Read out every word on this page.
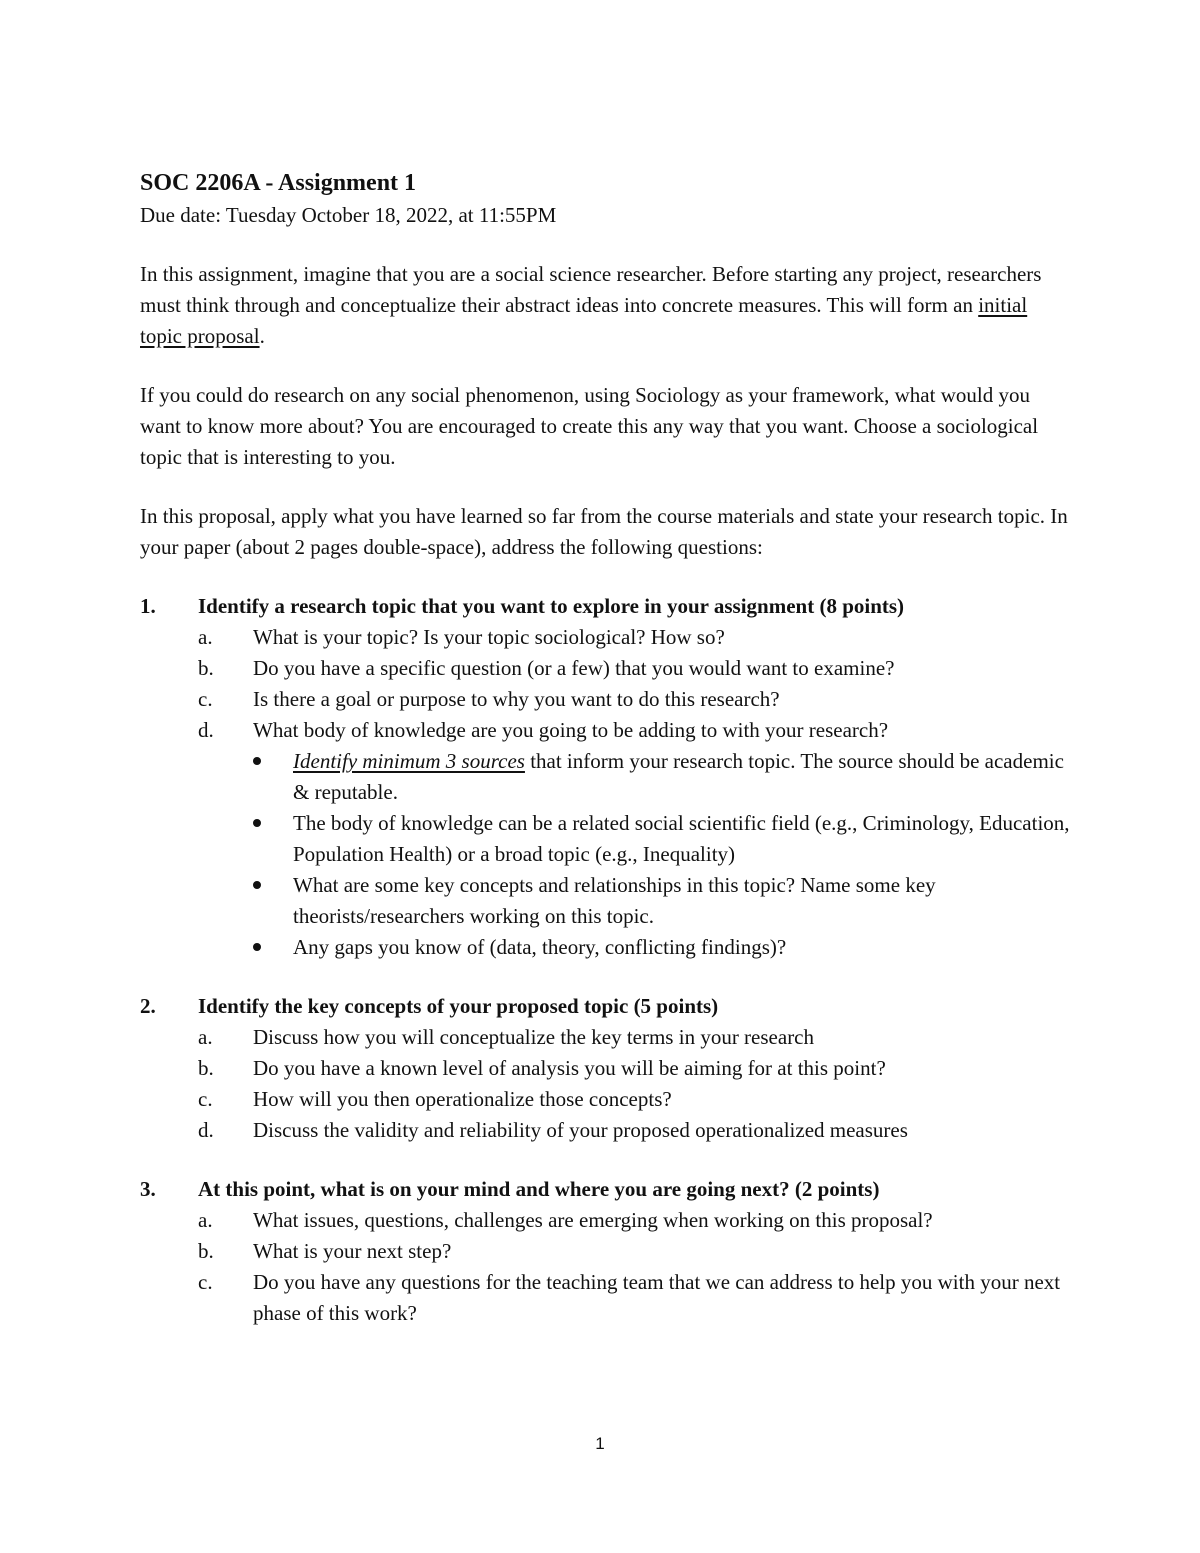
SOC 2206A - Assignment 1

Due date: Tuesday October 18, 2022, at 11:55PM

In this assignment, imagine that you are a social science researcher. Before starting any project, researchers must think through and conceptualize their abstract ideas into concrete measures. This will form an initial topic proposal.

If you could do research on any social phenomenon, using Sociology as your framework, what would you want to know more about? You are encouraged to create this any way that you want. Choose a sociological topic that is interesting to you.

In this proposal, apply what you have learned so far from the course materials and state your research topic. In your paper (about 2 pages double-space), address the following questions:

1. Identify a research topic that you want to explore in your assignment (8 points)
a. What is your topic? Is your topic sociological? How so?
b. Do you have a specific question (or a few) that you would want to examine?
c. Is there a goal or purpose to why you want to do this research?
d. What body of knowledge are you going to be adding to with your research?
Identify minimum 3 sources that inform your research topic. The source should be academic & reputable.
The body of knowledge can be a related social scientific field (e.g., Criminology, Education, Population Health) or a broad topic (e.g., Inequality)
What are some key concepts and relationships in this topic? Name some key theorists/researchers working on this topic.
Any gaps you know of (data, theory, conflicting findings)?
2. Identify the key concepts of your proposed topic (5 points)
a. Discuss how you will conceptualize the key terms in your research
b. Do you have a known level of analysis you will be aiming for at this point?
c. How will you then operationalize those concepts?
d. Discuss the validity and reliability of your proposed operationalized measures
3. At this point, what is on your mind and where you are going next? (2 points)
a. What issues, questions, challenges are emerging when working on this proposal?
b. What is your next step?
c. Do you have any questions for the teaching team that we can address to help you with your next phase of this work?
1
